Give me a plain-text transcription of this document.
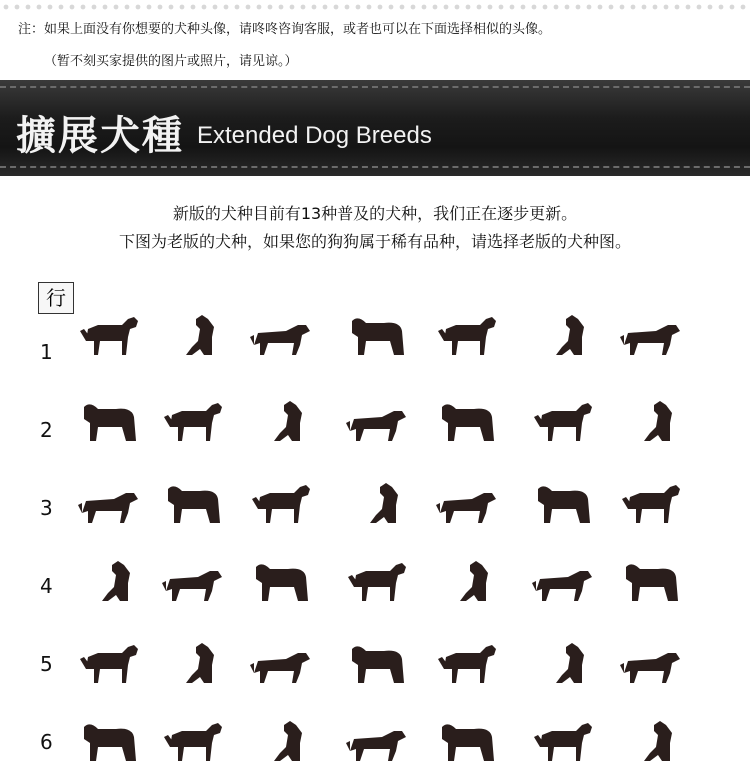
注：如果上面没有你想要的犬种头像，请咚咚咨询客服，或者也可以在下面选择相似的头像。
（暂不刻买家提供的图片或照片，请见谅。）
擴展犬種 Extended Dog Breeds
新版的犬种目前有13种普及的犬种，我们正在逐步更新。
下图为老版的犬种，如果您的狗狗属于稀有品种，请选择老版的犬种图。
行
1
2
3
4
5
6
